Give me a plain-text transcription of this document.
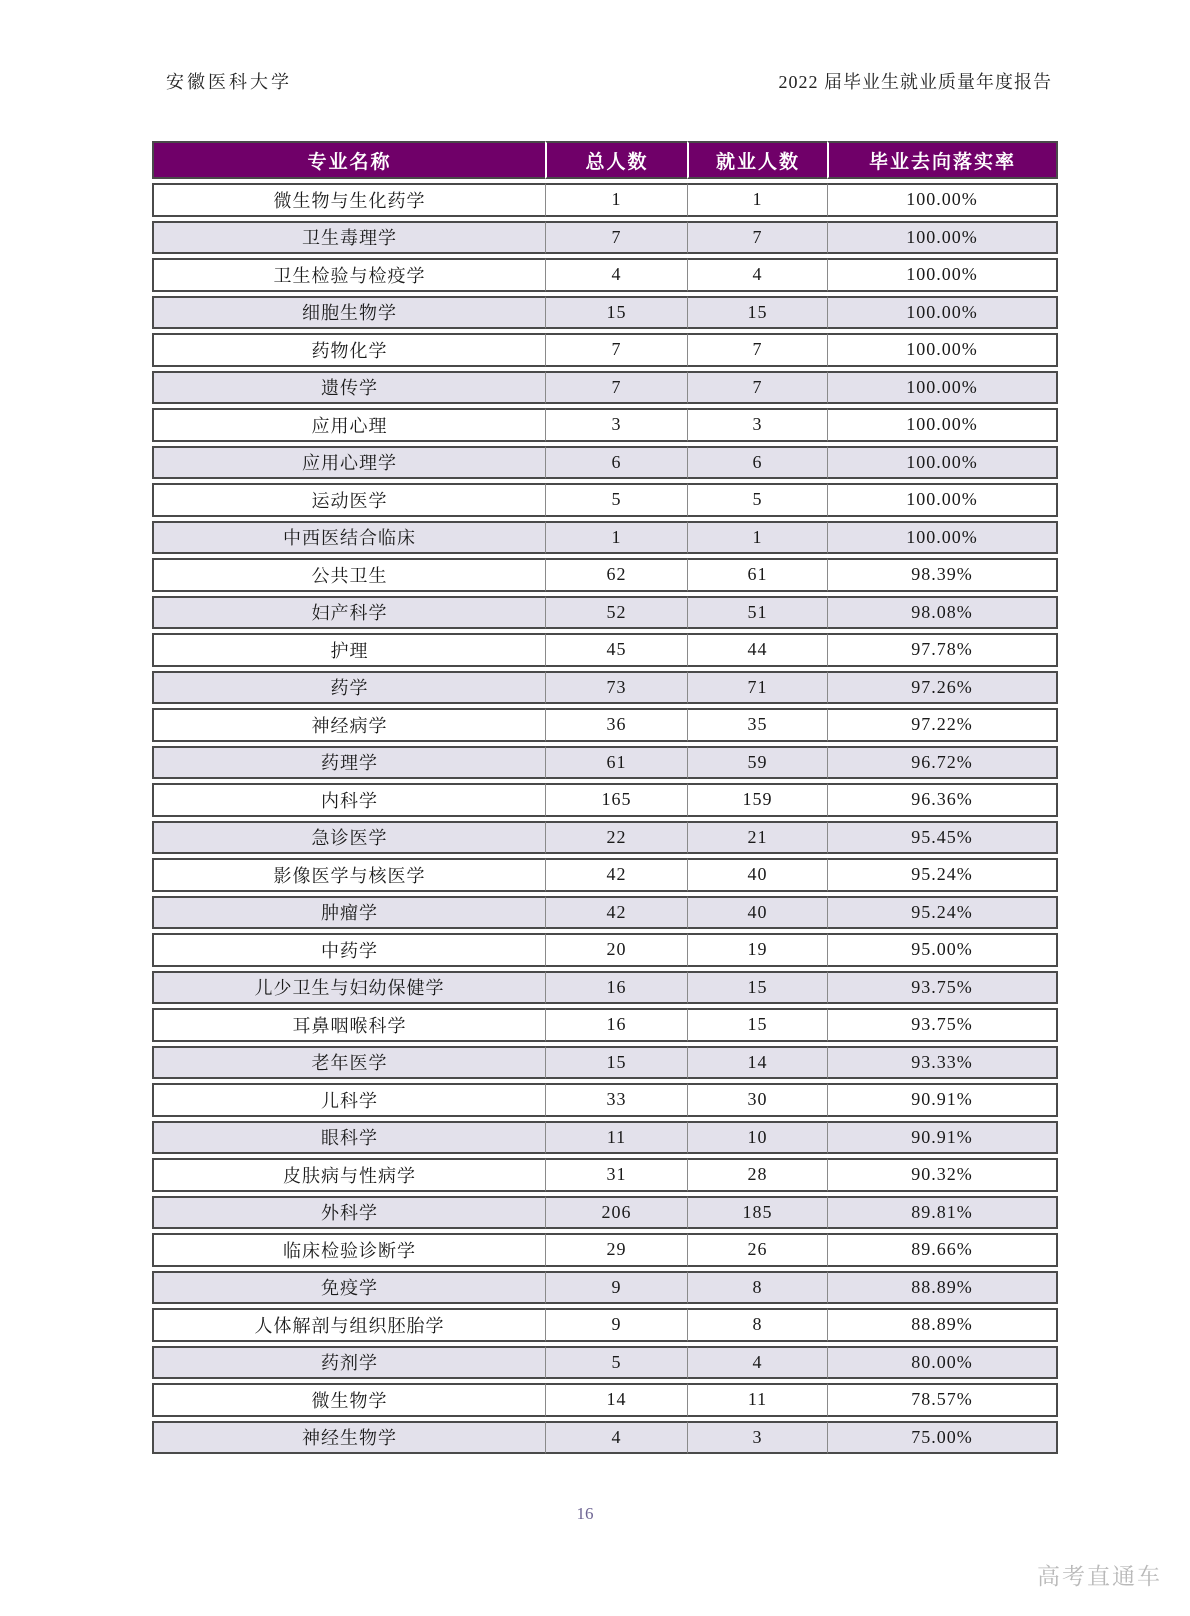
安徽医科大学	2022 届毕业生就业质量年度报告
专业名称	总人数	就业人数	毕业去向落实率
微生物与生化药学	1	1	100.00%
卫生毒理学	7	7	100.00%
卫生检验与检疫学	4	4	100.00%
细胞生物学	15	15	100.00%
药物化学	7	7	100.00%
遗传学	7	7	100.00%
应用心理	3	3	100.00%
应用心理学	6	6	100.00%
运动医学	5	5	100.00%
中西医结合临床	1	1	100.00%
公共卫生	62	61	98.39%
妇产科学	52	51	98.08%
护理	45	44	97.78%
药学	73	71	97.26%
神经病学	36	35	97.22%
药理学	61	59	96.72%
内科学	165	159	96.36%
急诊医学	22	21	95.45%
影像医学与核医学	42	40	95.24%
肿瘤学	42	40	95.24%
中药学	20	19	95.00%
儿少卫生与妇幼保健学	16	15	93.75%
耳鼻咽喉科学	16	15	93.75%
老年医学	15	14	93.33%
儿科学	33	30	90.91%
眼科学	11	10	90.91%
皮肤病与性病学	31	28	90.32%
外科学	206	185	89.81%
临床检验诊断学	29	26	89.66%
免疫学	9	8	88.89%
人体解剖与组织胚胎学	9	8	88.89%
药剂学	5	4	80.00%
微生物学	14	11	78.57%
神经生物学	4	3	75.00%
16
高考直通车
